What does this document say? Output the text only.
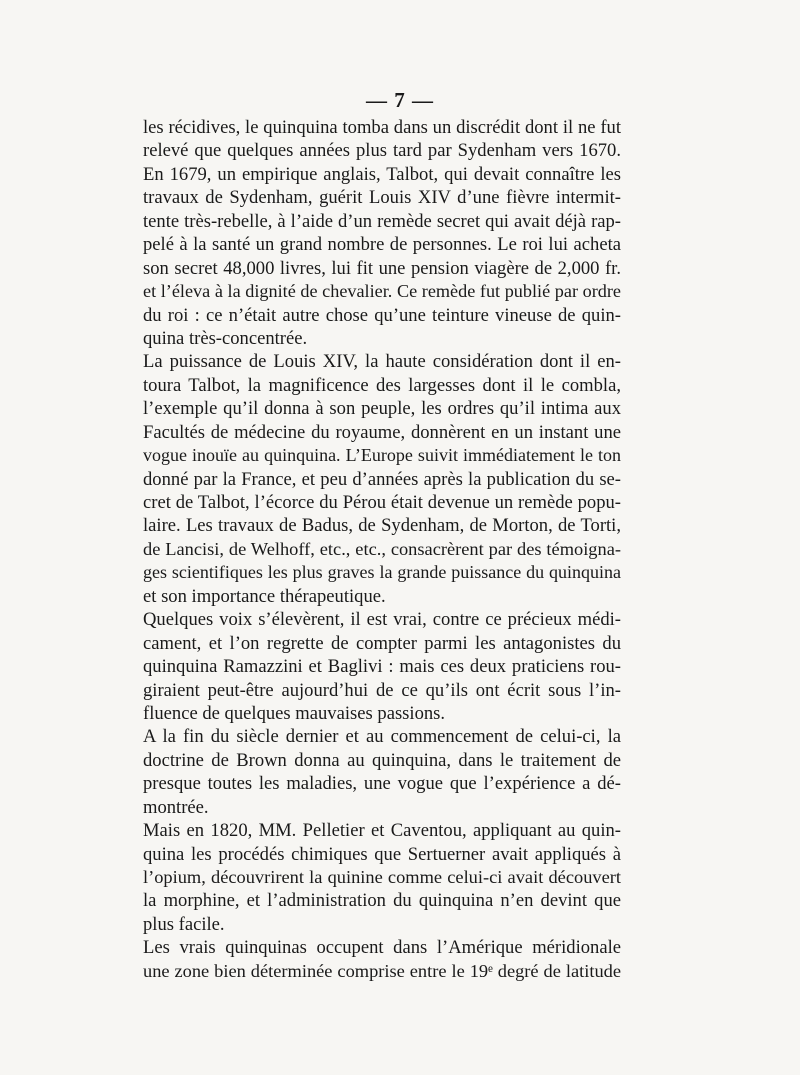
— 7 —
les récidives, le quinquina tomba dans un discrédit dont il ne fut
relevé que quelques années plus tard par Sydenham vers 1670.
En 1679, un empirique anglais, Talbot, qui devait connaître les
travaux de Sydenham, guérit Louis XIV d’une fièvre intermit-
tente très-rebelle, à l’aide d’un remède secret qui avait déjà rap-
pelé à la santé un grand nombre de personnes. Le roi lui acheta
son secret 48,000 livres, lui fit une pension viagère de 2,000 fr.
et l’éleva à la dignité de chevalier. Ce remède fut publié par ordre
du roi : ce n’était autre chose qu’une teinture vineuse de quin-
quina très-concentrée.
La puissance de Louis XIV, la haute considération dont il en-
toura Talbot, la magnificence des largesses dont il le combla,
l’exemple qu’il donna à son peuple, les ordres qu’il intima aux
Facultés de médecine du royaume, donnèrent en un instant une
vogue inouïe au quinquina. L’Europe suivit immédiatement le ton
donné par la France, et peu d’années après la publication du se-
cret de Talbot, l’écorce du Pérou était devenue un remède popu-
laire. Les travaux de Badus, de Sydenham, de Morton, de Torti,
de Lancisi, de Welhoff, etc., etc., consacrèrent par des témoigna-
ges scientifiques les plus graves la grande puissance du quinquina
et son importance thérapeutique.
Quelques voix s’élevèrent, il est vrai, contre ce précieux médi-
cament, et l’on regrette de compter parmi les antagonistes du
quinquina Ramazzini et Baglivi : mais ces deux praticiens rou-
giraient peut-être aujourd’hui de ce qu’ils ont écrit sous l’in-
fluence de quelques mauvaises passions.
A la fin du siècle dernier et au commencement de celui-ci, la
doctrine de Brown donna au quinquina, dans le traitement de
presque toutes les maladies, une vogue que l’expérience a dé-
montrée.
Mais en 1820, MM. Pelletier et Caventou, appliquant au quin-
quina les procédés chimiques que Sertuerner avait appliqués à
l’opium, découvrirent la quinine comme celui-ci avait découvert
la morphine, et l’administration du quinquina n’en devint que
plus facile.
Les vrais quinquinas occupent dans l’Amérique méridionale
une zone bien déterminée comprise entre le 19ᵉ degré de latitude
